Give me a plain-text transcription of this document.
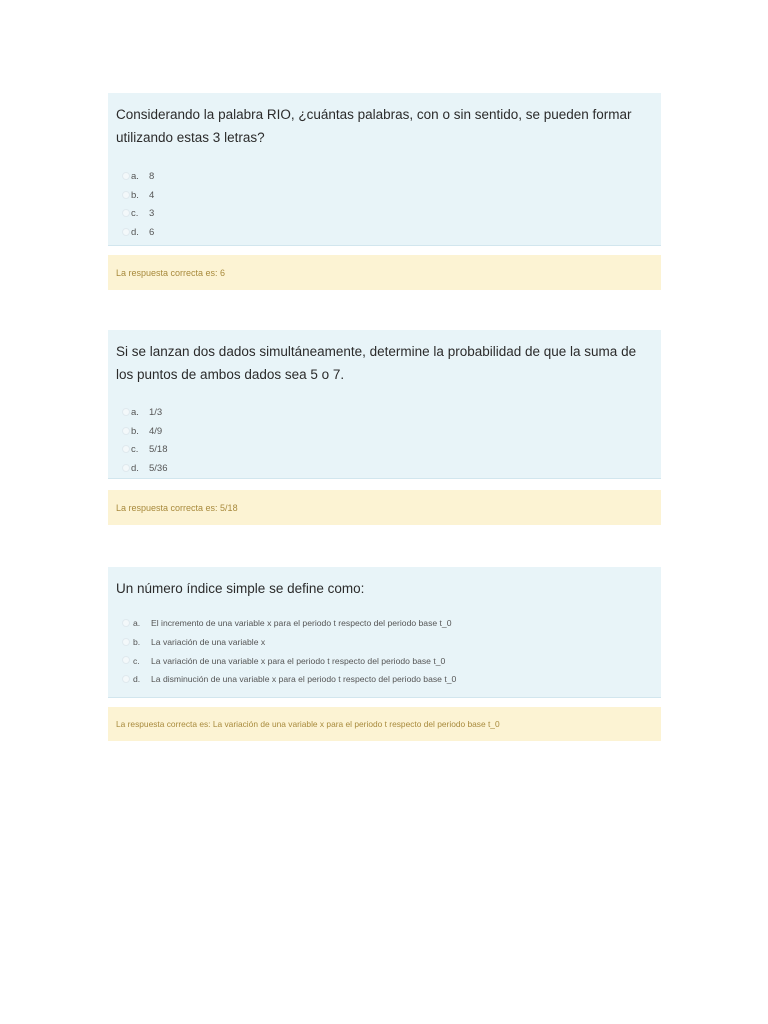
Considerando la palabra RIO, ¿cuántas palabras, con o sin sentido, se pueden formar utilizando estas 3 letras?

a.	8
b.	4
c.	3
d.	6
La respuesta correcta es: 6

Si se lanzan dos dados simultáneamente, determine la probabilidad de que la suma de los puntos de ambos dados sea 5 o 7.

a.	1/3
b.	4/9
c.	5/18
d.	5/36
La respuesta correcta es: 5/18

Un número índice simple se define como:

a.	El incremento de una variable x para el periodo t respecto del periodo base t_0
b.	La variación de una variable x
c.	La variación de una variable x para el periodo t respecto del periodo base t_0
d.	La disminución de una variable x para el periodo t respecto del periodo base t_0
La respuesta correcta es: La variación de una variable x para el periodo t respecto del periodo base t_0
